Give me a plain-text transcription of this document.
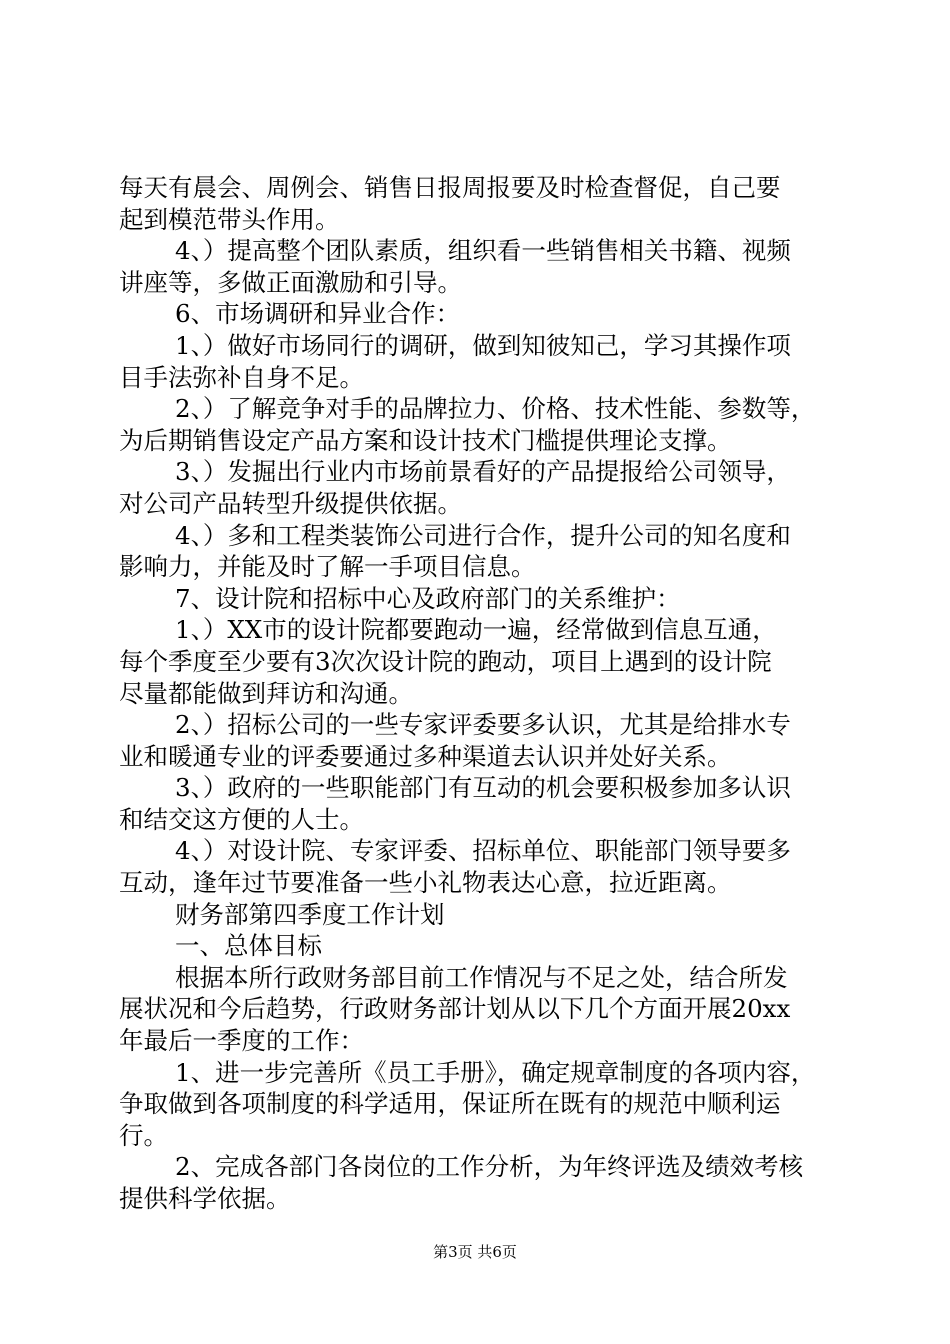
每天有晨会、周例会、销售日报周报要及时检查督促，自己要
起到模范带头作用。
4、）提高整个团队素质，组织看一些销售相关书籍、视频
讲座等，多做正面激励和引导。
6、市场调研和异业合作：
1、）做好市场同行的调研，做到知彼知己，学习其操作项
目手法弥补自身不足。
2、）了解竞争对手的品牌拉力、价格、技术性能、参数等，
为后期销售设定产品方案和设计技术门槛提供理论支撑。
3、）发掘出行业内市场前景看好的产品提报给公司领导，
对公司产品转型升级提供依据。
4、）多和工程类装饰公司进行合作，提升公司的知名度和
影响力，并能及时了解一手项目信息。
7、设计院和招标中心及政府部门的关系维护：
1、）XX市的设计院都要跑动一遍，经常做到信息互通，
每个季度至少要有3次次设计院的跑动，项目上遇到的设计院
尽量都能做到拜访和沟通。
2、）招标公司的一些专家评委要多认识，尤其是给排水专
业和暖通专业的评委要通过多种渠道去认识并处好关系。
3、）政府的一些职能部门有互动的机会要积极参加多认识
和结交这方便的人士。
4、）对设计院、专家评委、招标单位、职能部门领导要多
互动，逢年过节要准备一些小礼物表达心意，拉近距离。
财务部第四季度工作计划
一、总体目标
根据本所行政财务部目前工作情况与不足之处，结合所发
展状况和今后趋势，行政财务部计划从以下几个方面开展20xx
年最后一季度的工作：
1、进一步完善所《员工手册》，确定规章制度的各项内容，
争取做到各项制度的科学适用，保证所在既有的规范中顺利运
行。
2、完成各部门各岗位的工作分析，为年终评选及绩效考核
提供科学依据。
第3页 共6页
